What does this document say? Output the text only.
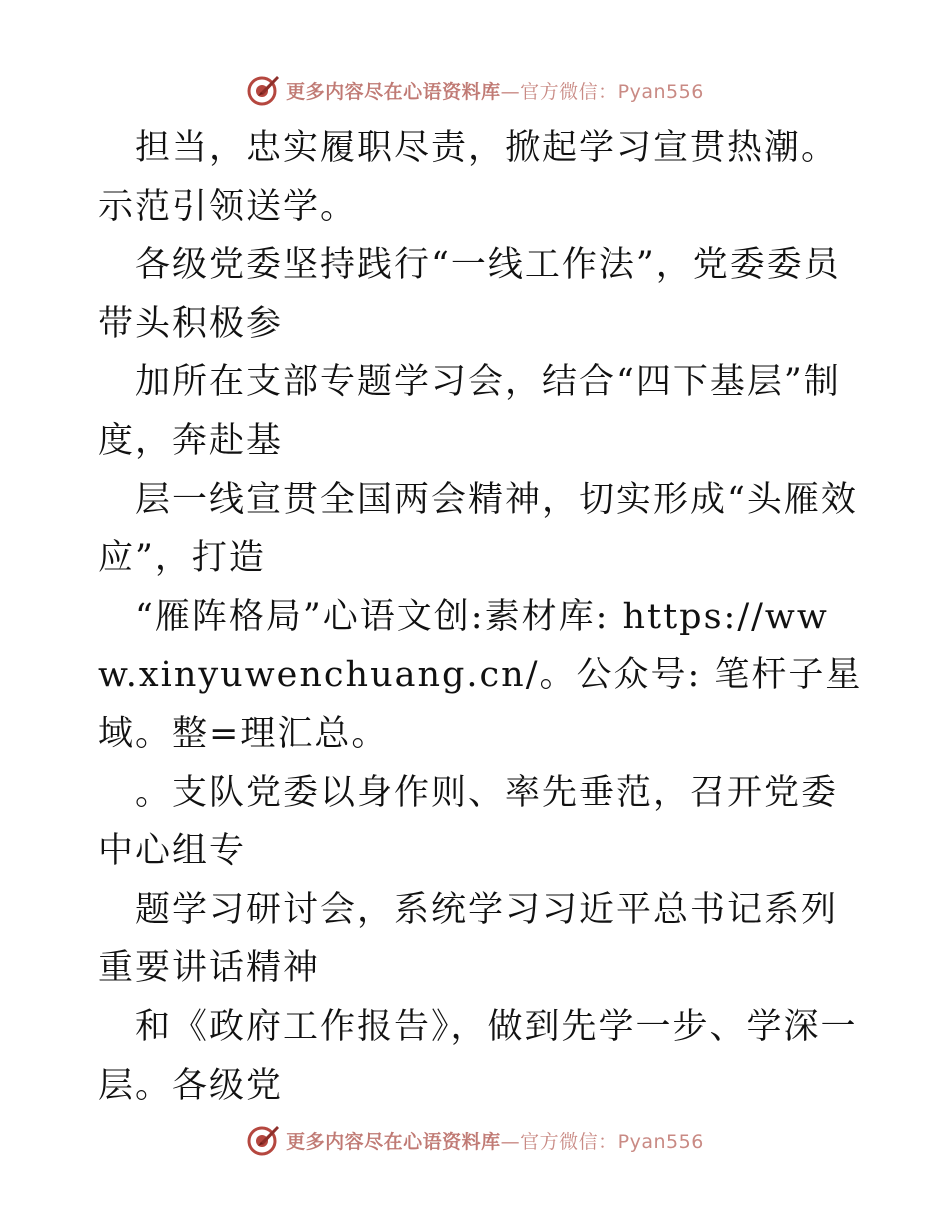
更多内容尽在心语资料库—官方微信：Pyan556

担当，忠实履职尽责，掀起学习宣贯热潮。示范引领送学。

各级党委坚持践行“一线工作法”，党委委员带头积极参

加所在支部专题学习会，结合“四下基层”制度，奔赴基

层一线宣贯全国两会精神，切实形成“头雁效应”，打造

“雁阵格局”心语文创:素材库: https://www.xinyuwenchuang.cn/。公众号: 笔杆子星域。整=理汇总。

。支队党委以身作则、率先垂范，召开党委中心组专

题学习研讨会，系统学习习近平总书记系列重要讲话精神

和《政府工作报告》，做到先学一步、学深一层。各级党

更多内容尽在心语资料库—官方微信：Pyan556
